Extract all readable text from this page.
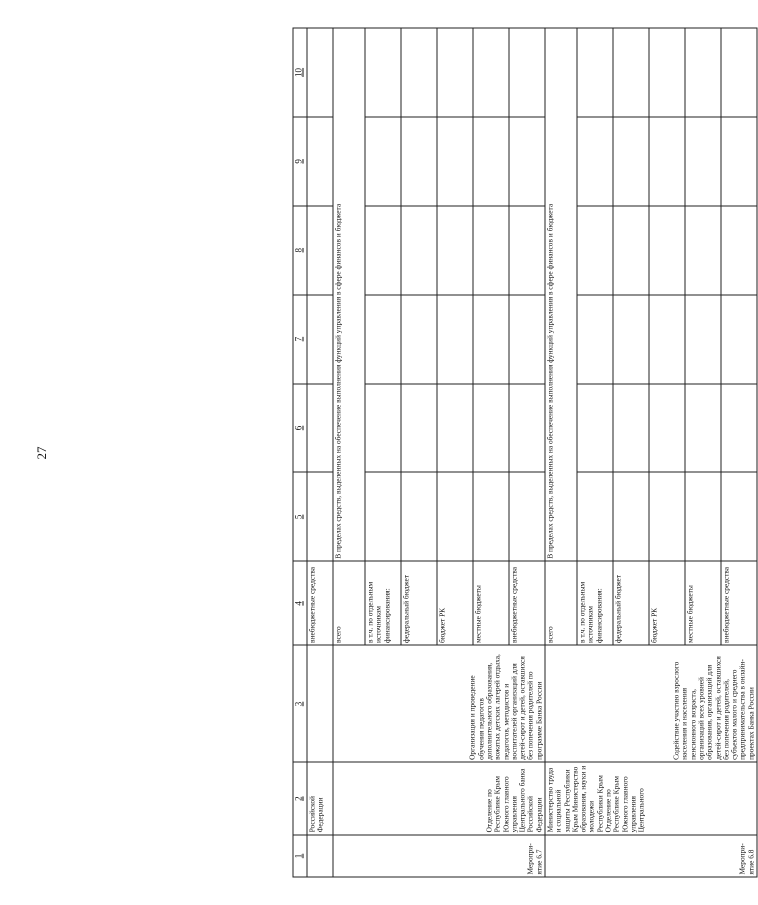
27
1	2	3	4	5	6	7	8	9	10
	Российской Федерации		внебюджетные средства						
Меропри-ятие 6.7	Отделение по Республике Крым Южного главного управления Центрального банка Российской Федерации	Организация и проведение обучения педагогов дополнительного образования, вожатых детских лагерей отдыха, педагогов, методистов и воспитателей организаций для детей-сирот и детей, оставшихся без попечения родителей по программе Банка России	всего	В пределах средств, выделенных на обеспечение выполнения функций управления в сфере финансов и бюджета					
			в т.ч. по отдельным источникам финансирования:						
			федеральный бюджет						
			бюджет РК						
			местные бюджеты						
			внебюджетные средства						
Меропри-ятие 6.8	Министерство труда и социальной защиты Республики Крым Министерство образования, науки и молодежи Республики Крым Отделение по Республике Крым Южного главного управления Центрального	Содействие участию взрослого населения и населения пенсионного возраста, организаций всех уровней образования, организаций для детей-сирот и детей, оставшихся без попечения родителей, субъектов малого и среднего предпринимательства в онлайн-проектах Банка России	всего	В пределах средств, выделенных на обеспечение выполнения функций управления в сфере финансов и бюджета					
			в т.ч. по отдельным источникам финансирования:						
			федеральный бюджет						
			бюджет РК						
			местные бюджеты						
			внебюджетные средства						
